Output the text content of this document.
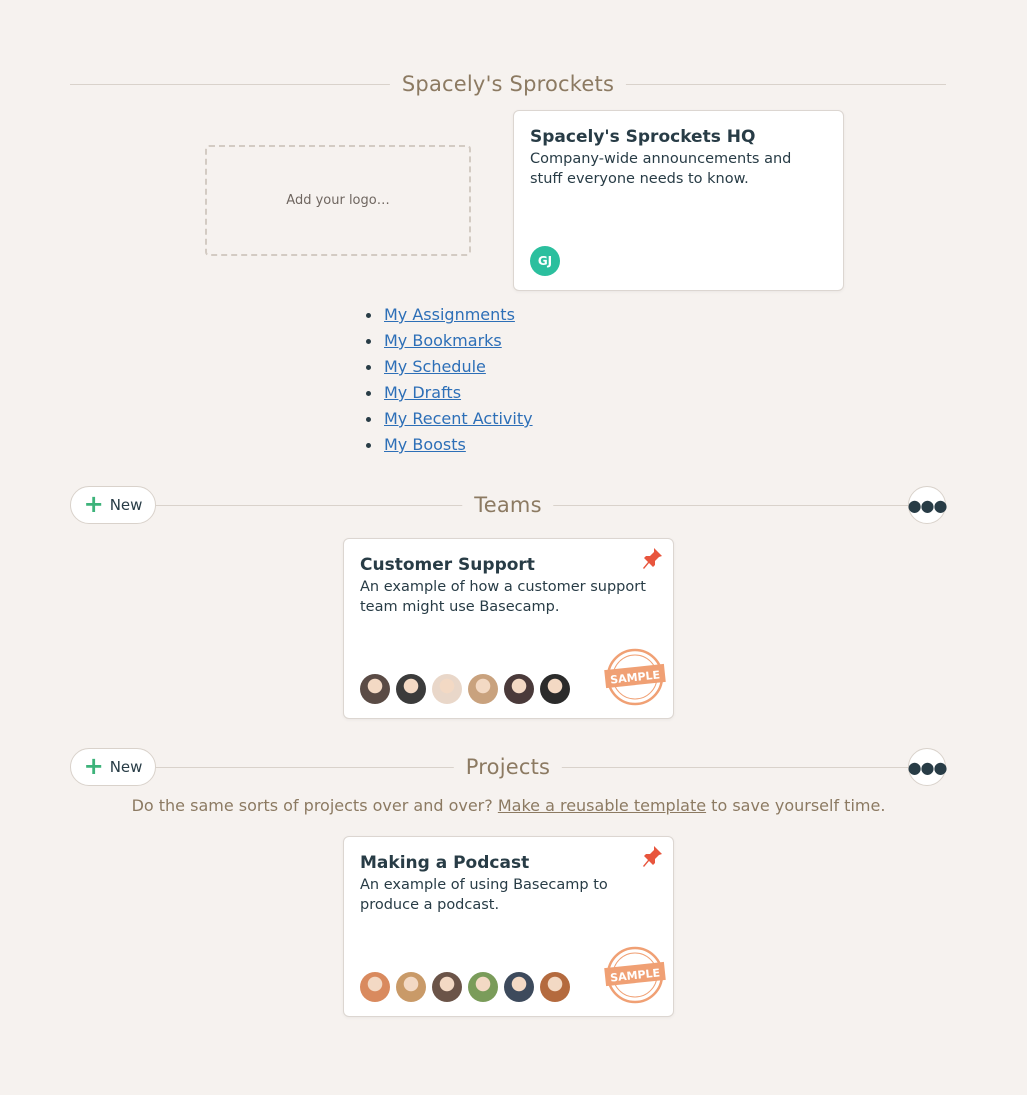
Spacely's Sprockets
Add your logo…
Spacely's Sprockets HQ

Company-wide announcements and stuff everyone needs to know.

GJ
My Assignments
My Bookmarks
My Schedule
My Drafts
My Recent Activity
My Boosts
+ New	Teams	●●●
Customer Support

An example of how a customer support team might use Basecamp.

SAMPLE
+ New	Projects	●●●
Do the same sorts of projects over and over? Make a reusable template to save yourself time.
Making a Podcast

An example of using Basecamp to produce a podcast.

SAMPLE
